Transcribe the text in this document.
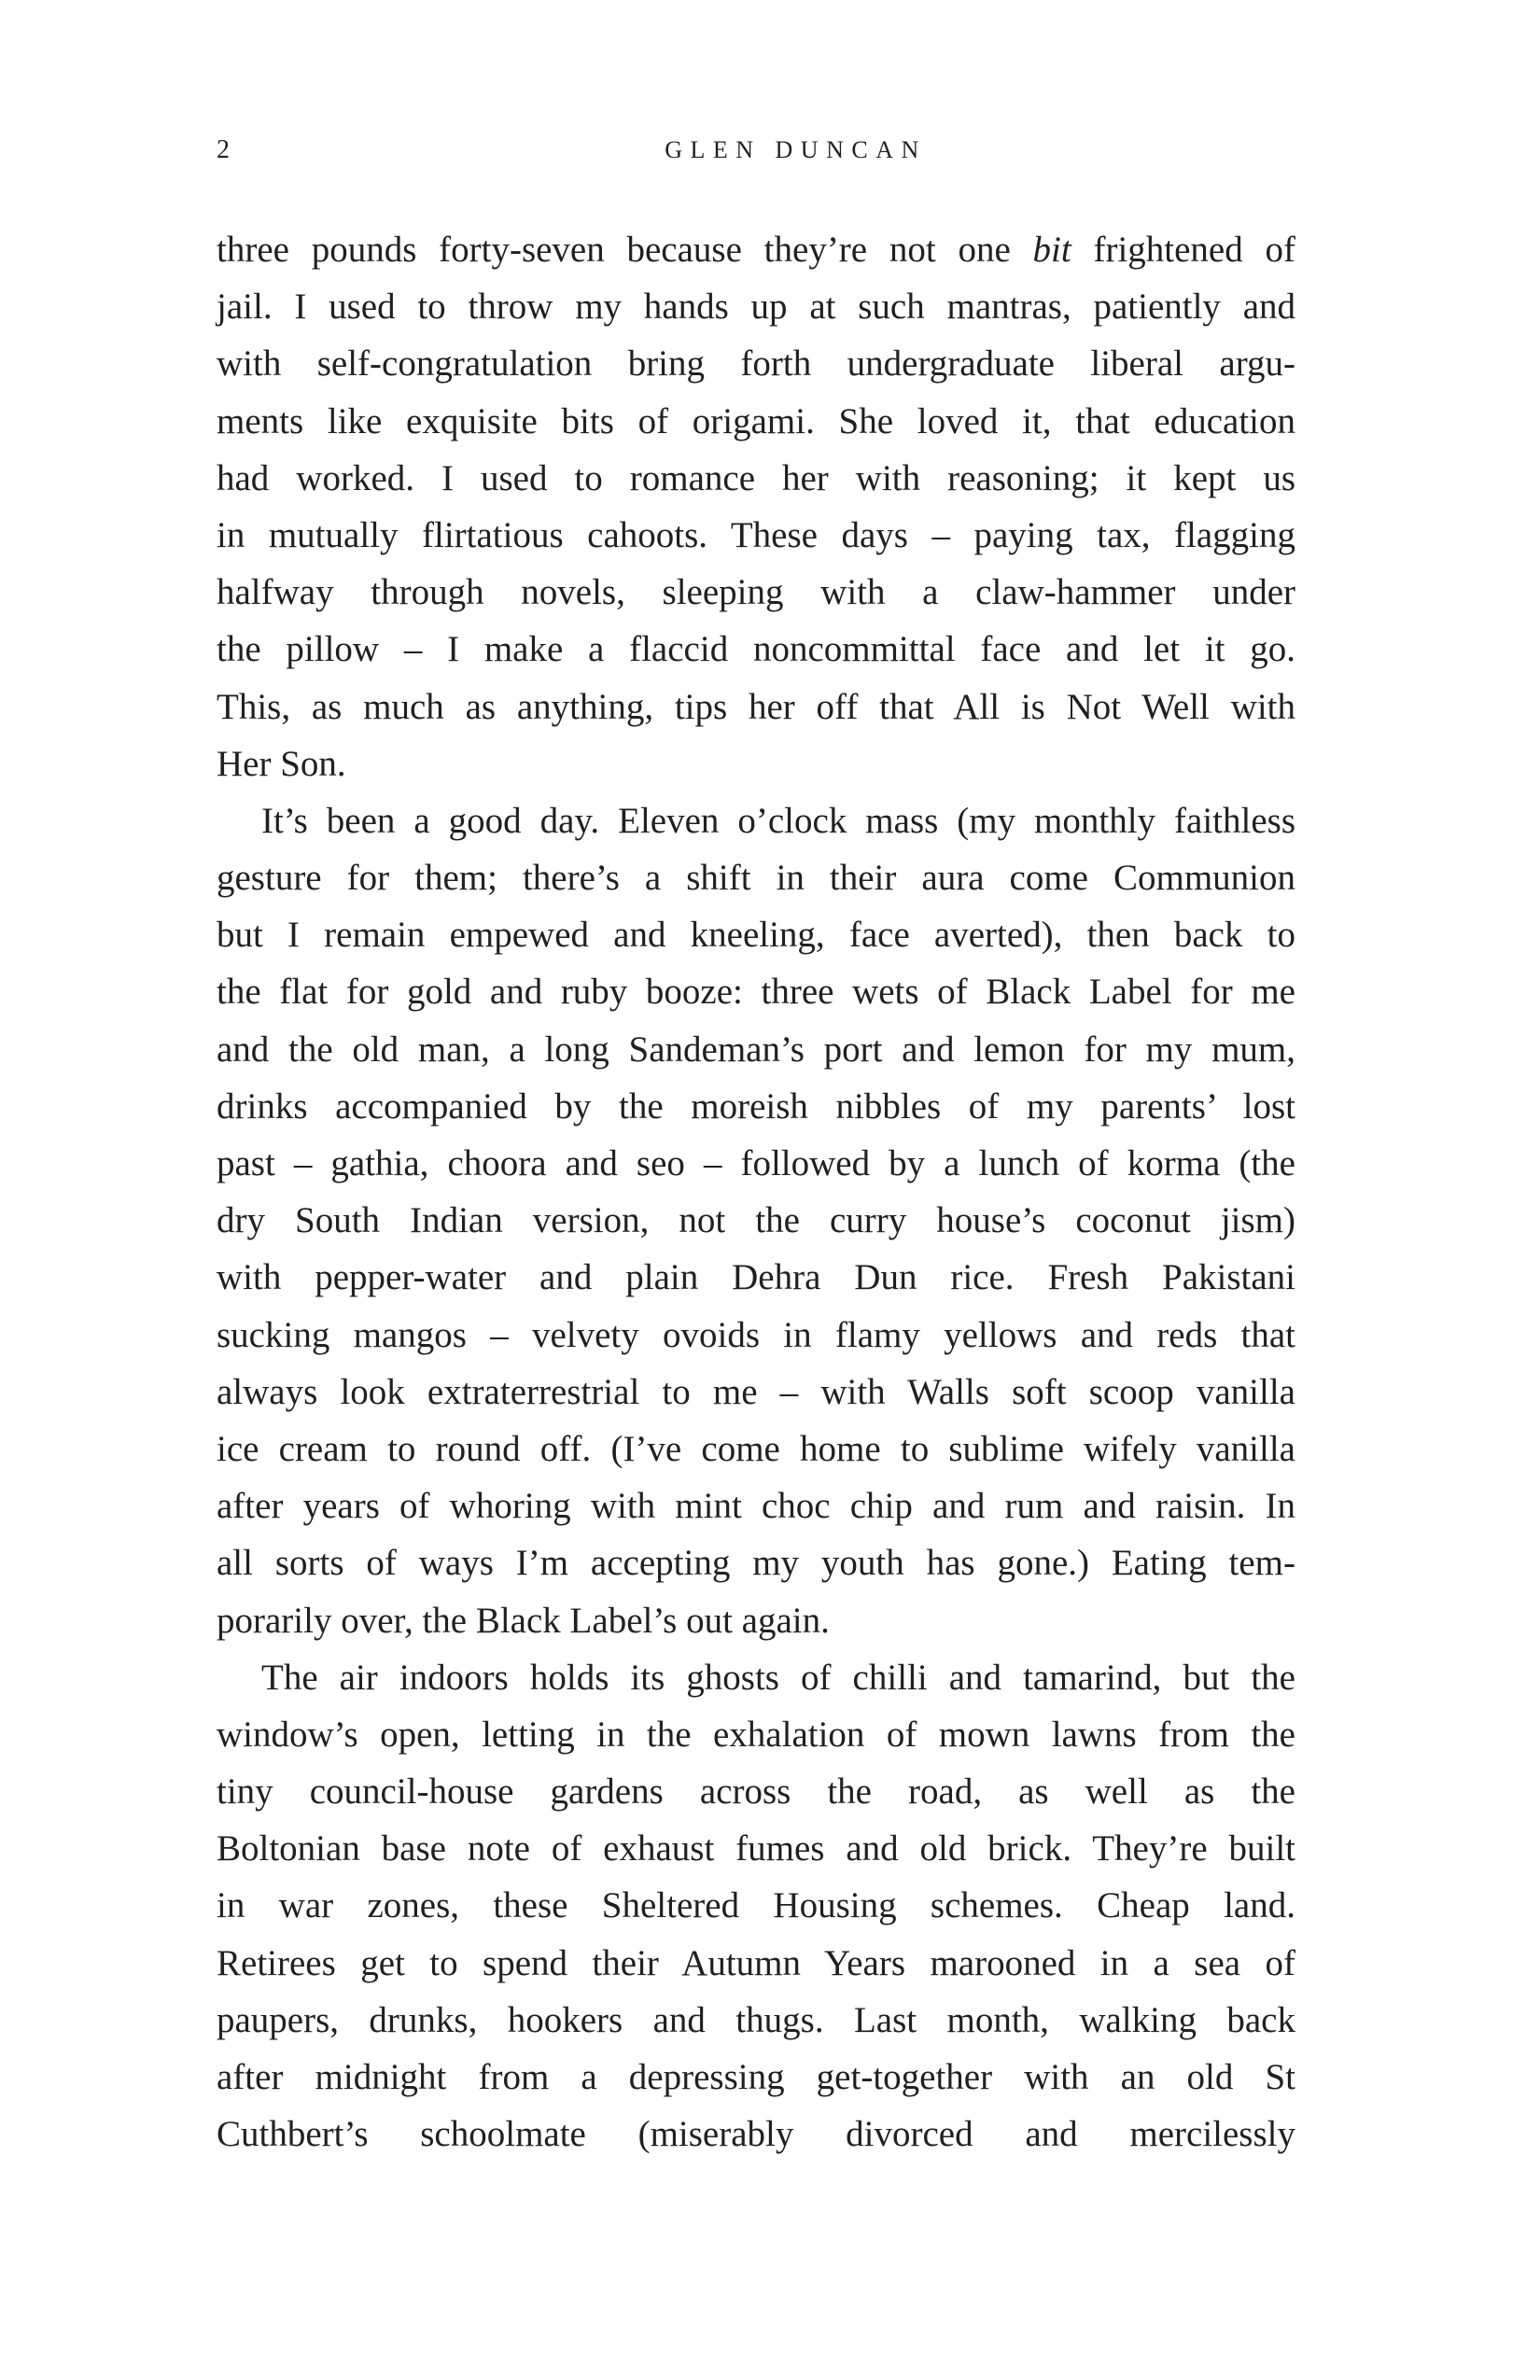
2	GLEN DUNCAN
three pounds forty-seven because they’re not one bit frightened of
jail. I used to throw my hands up at such mantras, patiently and
with self-congratulation bring forth undergraduate liberal argu-
ments like exquisite bits of origami. She loved it, that education
had worked. I used to romance her with reasoning; it kept us
in mutually flirtatious cahoots. These days – paying tax, flagging
halfway through novels, sleeping with a claw-hammer under
the pillow – I make a flaccid noncommittal face and let it go.
This, as much as anything, tips her off that All is Not Well with
Her Son.
It’s been a good day. Eleven o’clock mass (my monthly faithless
gesture for them; there’s a shift in their aura come Communion
but I remain empewed and kneeling, face averted), then back to
the flat for gold and ruby booze: three wets of Black Label for me
and the old man, a long Sandeman’s port and lemon for my mum,
drinks accompanied by the moreish nibbles of my parents’ lost
past – gathia, choora and seo – followed by a lunch of korma (the
dry South Indian version, not the curry house’s coconut jism)
with pepper-water and plain Dehra Dun rice. Fresh Pakistani
sucking mangos – velvety ovoids in flamy yellows and reds that
always look extraterrestrial to me – with Walls soft scoop vanilla
ice cream to round off. (I’ve come home to sublime wifely vanilla
after years of whoring with mint choc chip and rum and raisin. In
all sorts of ways I’m accepting my youth has gone.) Eating tem-
porarily over, the Black Label’s out again.
The air indoors holds its ghosts of chilli and tamarind, but the
window’s open, letting in the exhalation of mown lawns from the
tiny council-house gardens across the road, as well as the
Boltonian base note of exhaust fumes and old brick. They’re built
in war zones, these Sheltered Housing schemes. Cheap land.
Retirees get to spend their Autumn Years marooned in a sea of
paupers, drunks, hookers and thugs. Last month, walking back
after midnight from a depressing get-together with an old St
Cuthbert’s schoolmate (miserably divorced and mercilessly
